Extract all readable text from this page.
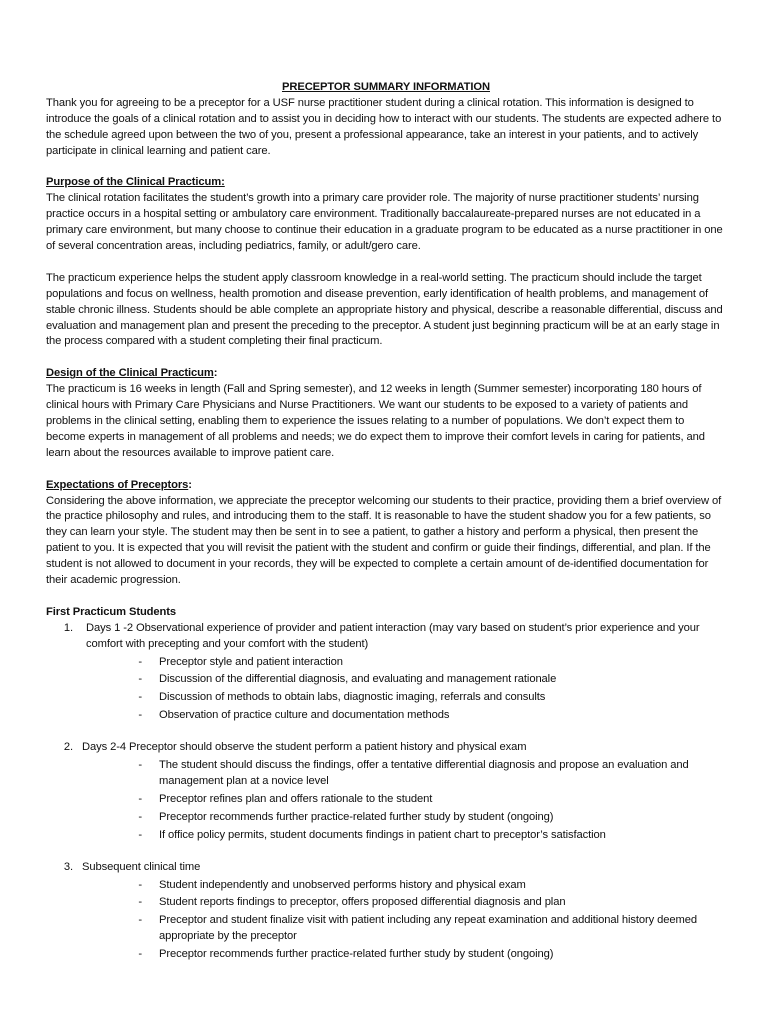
PRECEPTOR SUMMARY INFORMATION

Thank you for agreeing to be a preceptor for a USF nurse practitioner student during a clinical rotation. This information is designed to introduce the goals of a clinical rotation and to assist you in deciding how to interact with our students. The students are expected adhere to the schedule agreed upon between the two of you, present a professional appearance, take an interest in your patients, and to actively participate in clinical learning and patient care.

Purpose of the Clinical Practicum:

The clinical rotation facilitates the student’s growth into a primary care provider role. The majority of nurse practitioner students’ nursing practice occurs in a hospital setting or ambulatory care environment. Traditionally baccalaureate-prepared nurses are not educated in a primary care environment, but many choose to continue their education in a graduate program to be educated as a nurse practitioner in one of several concentration areas, including pediatrics, family, or adult/gero care.

The practicum experience helps the student apply classroom knowledge in a real-world setting. The practicum should include the target populations and focus on wellness, health promotion and disease prevention, early identification of health problems, and management of stable chronic illness. Students should be able complete an appropriate history and physical, describe a reasonable differential, discuss and evaluation and management plan and present the preceding to the preceptor. A student just beginning practicum will be at an early stage in the process compared with a student completing their final practicum.

Design of the Clinical Practicum:

The practicum is 16 weeks in length (Fall and Spring semester), and 12 weeks in length (Summer semester) incorporating 180 hours of clinical hours with Primary Care Physicians and Nurse Practitioners. We want our students to be exposed to a variety of patients and problems in the clinical setting, enabling them to experience the issues relating to a number of populations. We don’t expect them to become experts in management of all problems and needs; we do expect them to improve their comfort levels in caring for patients, and learn about the resources available to improve patient care.

Expectations of Preceptors:

Considering the above information, we appreciate the preceptor welcoming our students to their practice, providing them a brief overview of the practice philosophy and rules, and introducing them to the staff. It is reasonable to have the student shadow you for a few patients, so they can learn your style. The student may then be sent in to see a patient, to gather a history and perform a physical, then present the patient to you. It is expected that you will revisit the patient with the student and confirm or guide their findings, differential, and plan. If the student is not allowed to document in your records, they will be expected to complete a certain amount of de-identified documentation for their academic progression.

First Practicum Students

1.	Days 1 -2 Observational experience of provider and patient interaction (may vary based on student’s prior experience and your comfort with precepting and your comfort with the student)
-	Preceptor style and patient interaction
-	Discussion of the differential diagnosis, and evaluating and management rationale
-	Discussion of methods to obtain labs, diagnostic imaging, referrals and consults
-	Observation of practice culture and documentation methods
2. Days 2-4 Preceptor should observe the student perform a patient history and physical exam
-	The student should discuss the findings, offer a tentative differential diagnosis and propose an evaluation and management plan at a novice level
-	Preceptor refines plan and offers rationale to the student
-	Preceptor recommends further practice-related further study by student (ongoing)
-	If office policy permits, student documents findings in patient chart to preceptor’s satisfaction
3. Subsequent clinical time
-	Student independently and unobserved performs history and physical exam
-	Student reports findings to preceptor, offers proposed differential diagnosis and plan
-	Preceptor and student finalize visit with patient including any repeat examination and additional history deemed appropriate by the preceptor
-	Preceptor recommends further practice-related further study by student (ongoing)
